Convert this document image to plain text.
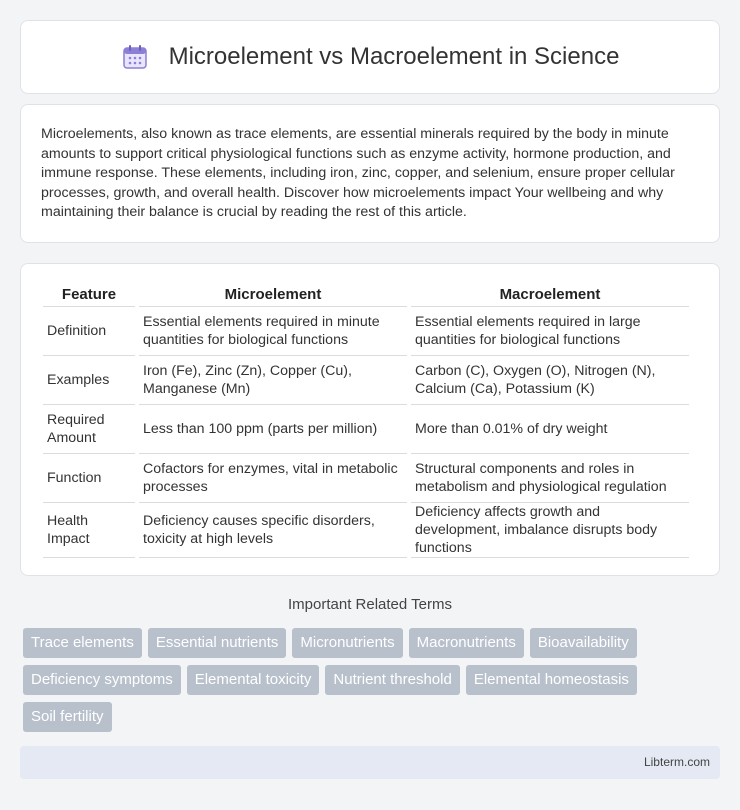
Microelement vs Macroelement in Science

Microelements, also known as trace elements, are essential minerals required by the body in minute amounts to support critical physiological functions such as enzyme activity, hormone production, and immune response. These elements, including iron, zinc, copper, and selenium, ensure proper cellular processes, growth, and overall health. Discover how microelements impact Your wellbeing and why maintaining their balance is crucial by reading the rest of this article.

Feature	Microelement	Macroelement
Definition	Essential elements required in minute quantities for biological functions	Essential elements required in large quantities for biological functions
Examples	Iron (Fe), Zinc (Zn), Copper (Cu), Manganese (Mn)	Carbon (C), Oxygen (O), Nitrogen (N), Calcium (Ca), Potassium (K)
Required Amount	Less than 100 ppm (parts per million)	More than 0.01% of dry weight
Function	Cofactors for enzymes, vital in metabolic processes	Structural components and roles in metabolism and physiological regulation
Health Impact	Deficiency causes specific disorders, toxicity at high levels	Deficiency affects growth and development, imbalance disrupts body functions
Important Related Terms
Trace elements	Essential nutrients	Micronutrients	Macronutrients	Bioavailability
Deficiency symptoms	Elemental toxicity	Nutrient threshold	Elemental homeostasis
Soil fertility
Libterm.com
